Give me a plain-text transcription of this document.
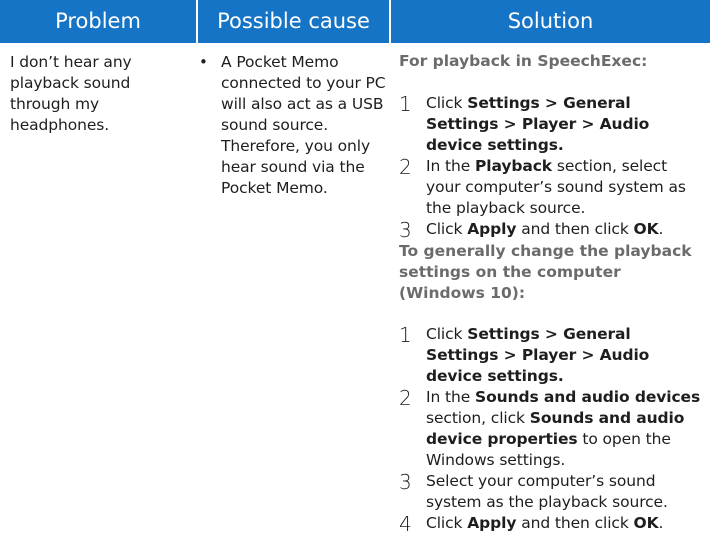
Problem	Possible cause	Solution
I don’t hear any playback sound through my headphones.
• A Pocket Memo connected to your PC will also act as a USB sound source. Therefore, you only hear sound via the Pocket Memo.
For playback in SpeechExec:
1 Click Settings > General Settings > Player > Audio device settings.
2 In the Playback section, select your computer’s sound system as the playback source.
3 Click Apply and then click OK.
To generally change the playback settings on the computer (Windows 10):
1 Click Settings > General Settings > Player > Audio device settings.
2 In the Sounds and audio devices section, click Sounds and audio device properties to open the Windows settings.
3 Select your computer’s sound system as the playback source.
4 Click Apply and then click OK.
